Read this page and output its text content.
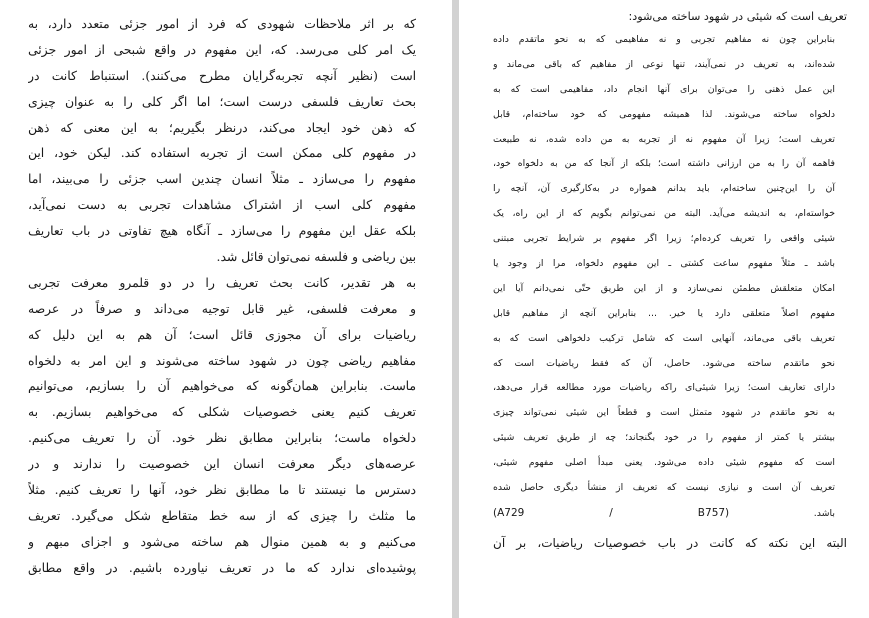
که بر اثر ملاحظات شهودی که فرد از امور جزئی متعدد دارد، به
یک امر کلی می‌رسد. که، این مفهوم در واقع شبحی از امور جزئی
است (نظیر آنچه تجربه‌گرایان مطرح می‌کنند). استنباط کانت در
بحث تعاریف فلسفی درست است؛ اما اگر کلی را به عنوان چیزی
که ذهن خود ایجاد می‌کند، درنظر بگیریم؛ به این معنی که ذهن
در مفهوم کلی ممکن است از تجربه استفاده کند. لیکن خود، این
مفهوم را می‌سازد ـ مثلاً انسان چندین اسب جزئی را می‌بیند، اما
مفهوم کلی اسب از اشتراک مشاهدات تجربی به دست نمی‌آید،
بلکه عقل این مفهوم را می‌سازد ـ آنگاه هیچ تفاوتی در باب تعاریف
بین ریاضی و فلسفه نمی‌توان قائل شد.
به هر تقدیر، کانت بحث تعریف را در دو قلمرو معرفت تجربی
و معرفت فلسفی، غیر قابل توجیه می‌داند و صرفاً در عرصه
ریاضیات برای آن مجوزی قائل است؛ آن هم به این دلیل که
مفاهیم ریاضی چون در شهود ساخته می‌شوند و این امر به دلخواه
ماست. بنابراین همان‌گونه که می‌خواهیم آن را بسازیم، می‌توانیم
تعریف کنیم یعنی خصوصیات شکلی که می‌خواهیم بسازیم. به
دلخواه ماست؛ بنابراین مطابق نظر خود. آن را تعریف می‌کنیم.
عرصه‌های دیگر معرفت انسان این خصوصیت را ندارند و در
دسترس ما نیستند تا ما مطابق نظر خود، آنها را تعریف کنیم. مثلاً
ما مثلث را چیزی که از سه خط متقاطع شکل می‌گیرد. تعریف
می‌کنیم و به همین منوال هم ساخته می‌شود و اجزای مبهم و
پوشیده‌ای ندارد که ما در تعریف نیاورده باشیم. در واقع مطابق
تعریف است که شیئی در شهود ساخته می‌شود:
بنابراین چون نه مفاهیم تجربی و نه مفاهیمی که به نحو ماتقدم داده
شده‌اند، به تعریف در نمی‌آیند، تنها نوعی از مفاهیم که باقی می‌ماند و
این عمل ذهنی را می‌توان برای آنها انجام داد، مفاهیمی است که به
دلخواه ساخته می‌شوند. لذا همیشه مفهومی که خود ساخته‌ام، قابل
تعریف است؛ زیرا آن مفهوم نه از تجربه به من داده شده، نه طبیعت
فاهمه آن را به من ارزانی داشته است؛ بلکه از آنجا که من به دلخواه خود،
آن را این‌چنین ساخته‌ام، باید بدانم همواره در به‌کارگیری آن، آنچه را
خواسته‌ام، به اندیشه می‌آید. البته من نمی‌توانم بگویم که از این راه، یک
شیئی واقعی را تعریف کرده‌ام؛ زیرا اگر مفهوم بر شرایط تجربی مبتنی
باشد ـ مثلاً مفهوم ساعت کشتی ـ این مفهوم دلخواه، مرا از وجود یا
امکان متعلقش مطمئن نمی‌سازد و از این طریق حتّی نمی‌دانم آیا این
مفهوم اصلاً متعلقی دارد یا خیر. ... بنابراین آنچه از مفاهیم قابل
تعریف باقی می‌ماند، آنهایی است که شامل ترکیب دلخواهی است که به
نحو ماتقدم ساخته می‌شود. حاصل، آن که فقط ریاضیات است که
دارای تعاریف است؛ زیرا شیئی‌ای راکه ریاضیات مورد مطالعه قرار می‌دهد،
به نحو ماتقدم در شهود متمثل است و قطعاً این شیئی نمی‌تواند چیزی
بیشتر یا کمتر از مفهوم را در خود بگنجاند؛ چه از طریق تعریف شیئی
است که مفهوم شیئی داده می‌شود. یعنی مبدأ اصلی مفهوم شیئی،
تعریف آن است و نیازی نیست که تعریف از منشأ دیگری حاصل شده
باشد. (A729 / B757)
البته این نکته که کانت در باب خصوصیات ریاضیات، بر آن
